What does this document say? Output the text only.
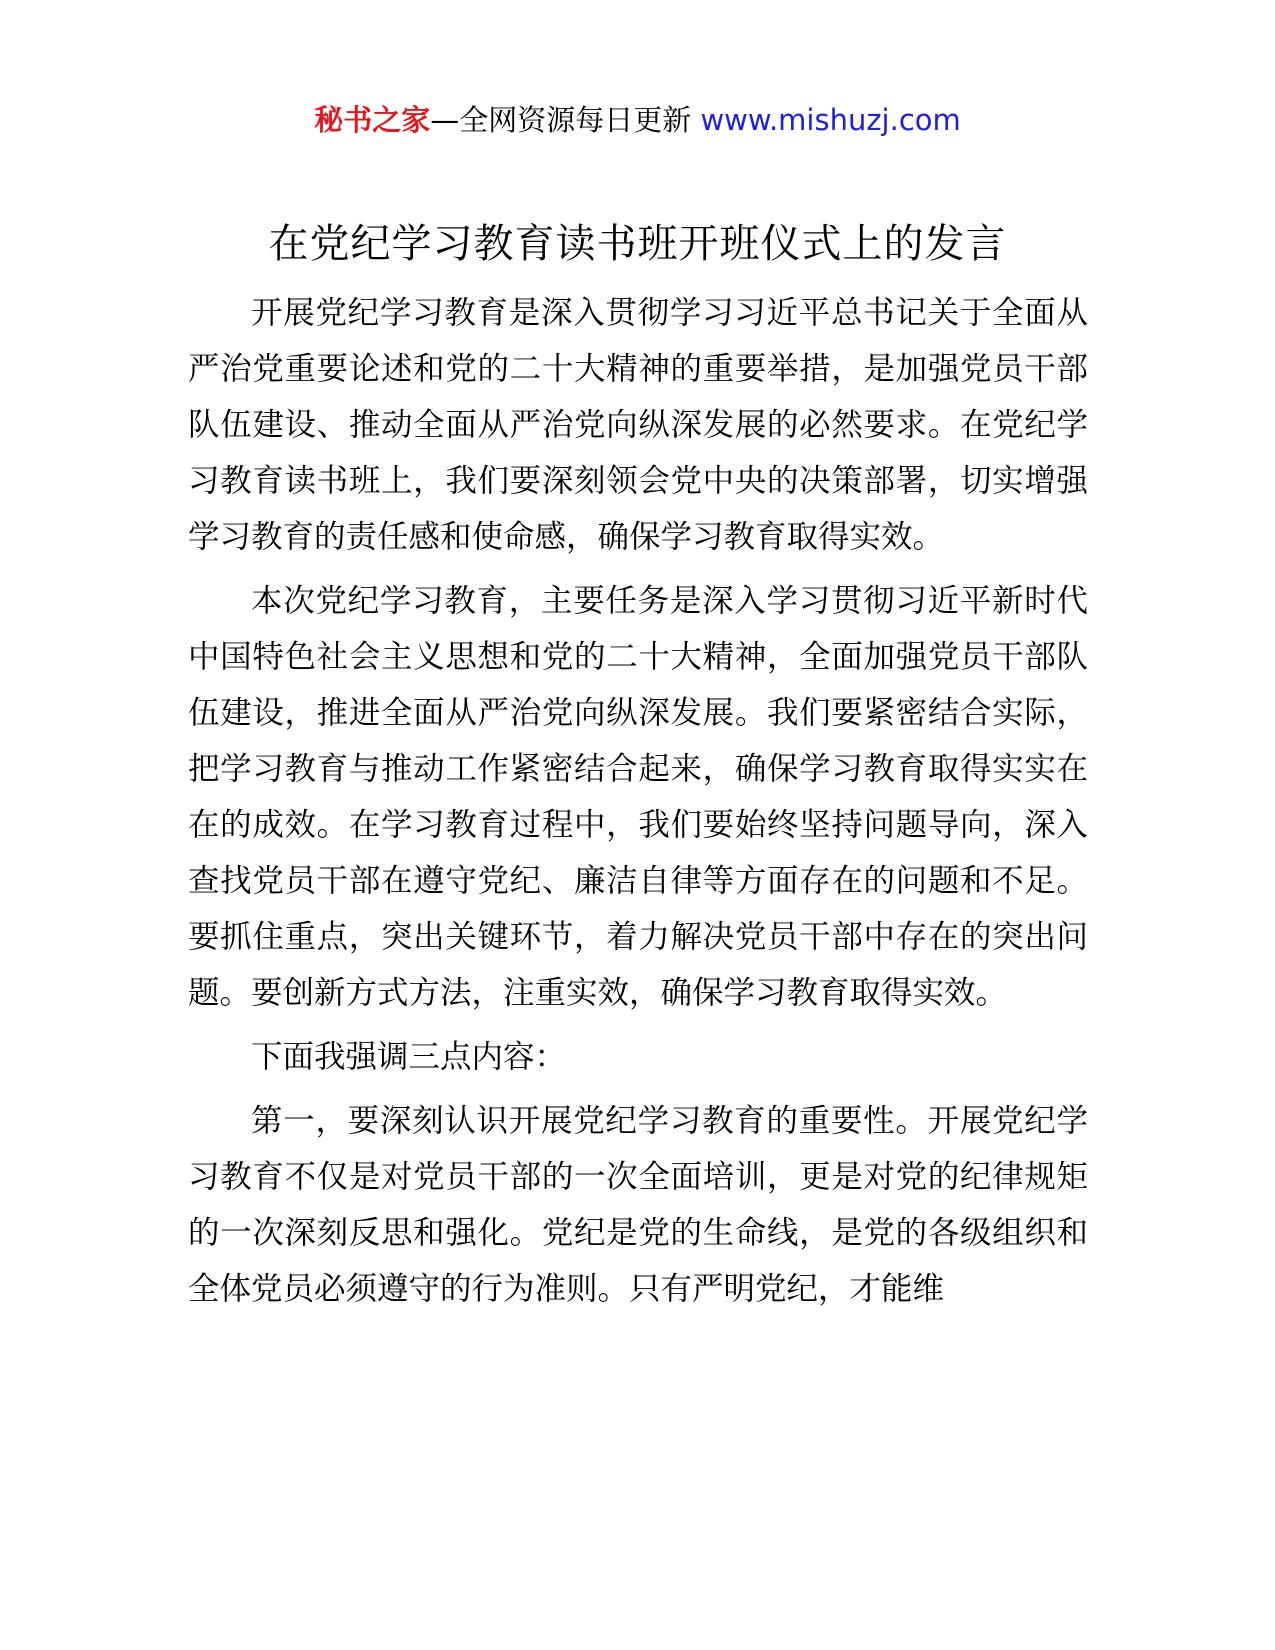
秘书之家—全网资源每日更新 www.mishuzj.com
在党纪学习教育读书班开班仪式上的发言

开展党纪学习教育是深入贯彻学习习近平总书记关于全面从严治党重要论述和党的二十大精神的重要举措，是加强党员干部队伍建设、推动全面从严治党向纵深发展的必然要求。在党纪学习教育读书班上，我们要深刻领会党中央的决策部署，切实增强学习教育的责任感和使命感，确保学习教育取得实效。

本次党纪学习教育，主要任务是深入学习贯彻习近平新时代中国特色社会主义思想和党的二十大精神，全面加强党员干部队伍建设，推进全面从严治党向纵深发展。我们要紧密结合实际，把学习教育与推动工作紧密结合起来，确保学习教育取得实实在在的成效。在学习教育过程中，我们要始终坚持问题导向，深入查找党员干部在遵守党纪、廉洁自律等方面存在的问题和不足。要抓住重点，突出关键环节，着力解决党员干部中存在的突出问题。要创新方式方法，注重实效，确保学习教育取得实效。

下面我强调三点内容：

第一，要深刻认识开展党纪学习教育的重要性。开展党纪学习教育不仅是对党员干部的一次全面培训，更是对党的纪律规矩的一次深刻反思和强化。党纪是党的生命线，是党的各级组织和全体党员必须遵守的行为准则。只有严明党纪，才能维
